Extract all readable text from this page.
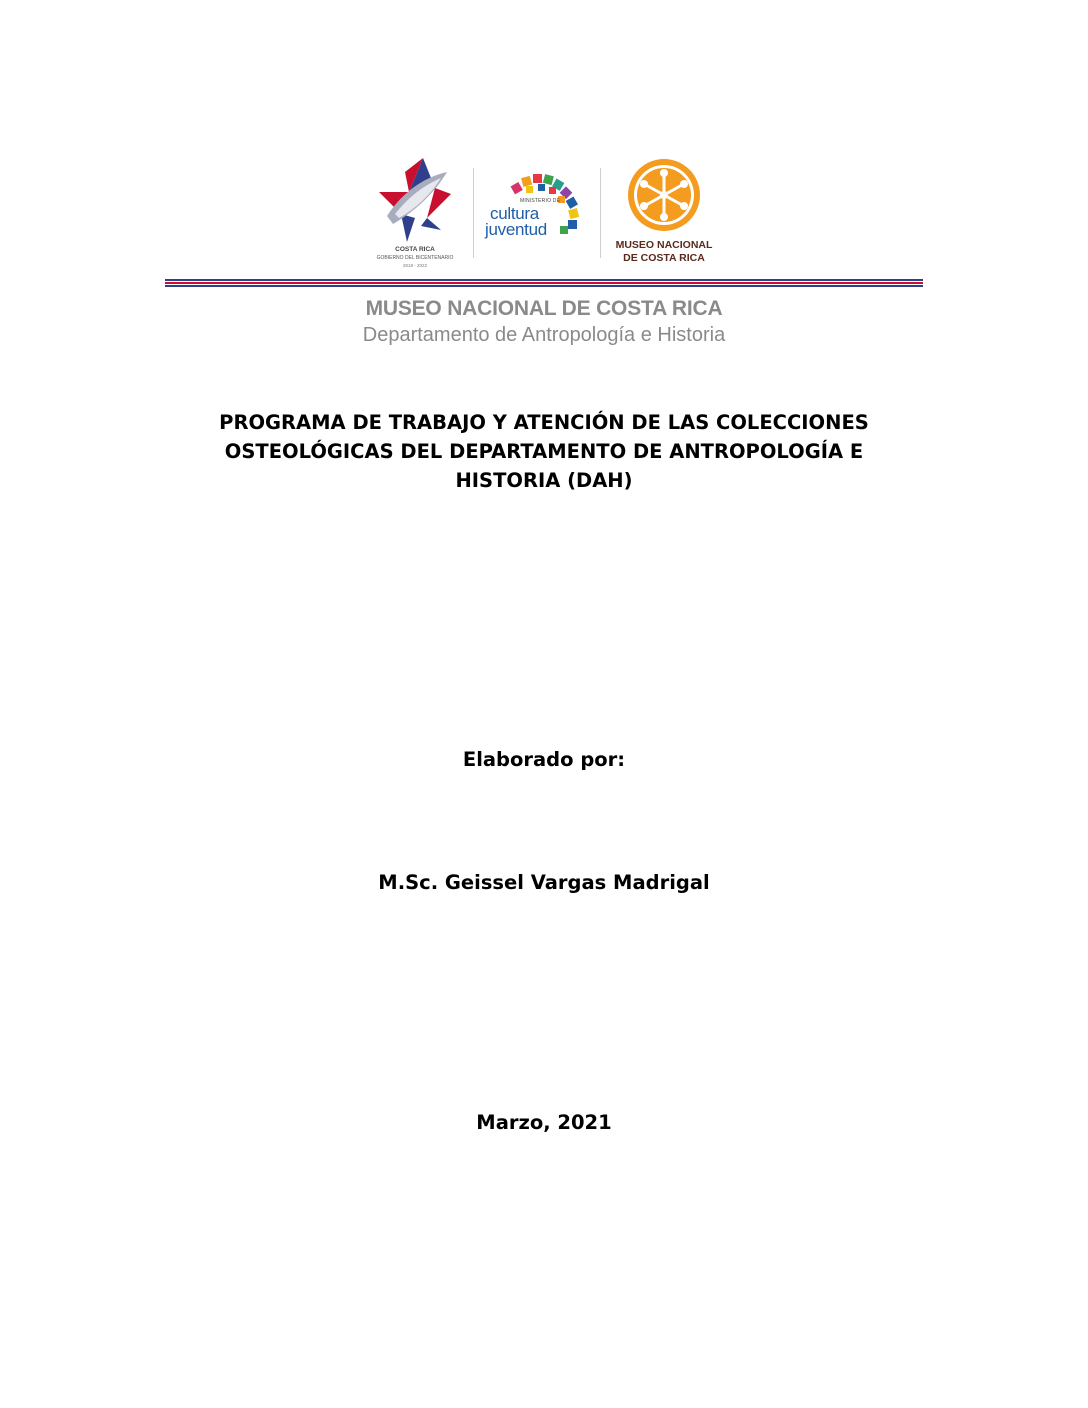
COSTA RICA
GOBIERNO DEL BICENTENARIO
2018 - 2022
MINISTERIO DE
cultura
juventud
MUSEO NACIONAL
DE COSTA RICA
MUSEO NACIONAL DE COSTA RICA
Departamento de Antropología e Historia
PROGRAMA DE TRABAJO Y ATENCIÓN DE LAS COLECCIONES
OSTEOLÓGICAS DEL DEPARTAMENTO DE ANTROPOLOGÍA E
HISTORIA (DAH)
Elaborado por:
M.Sc. Geissel Vargas Madrigal
Marzo, 2021
